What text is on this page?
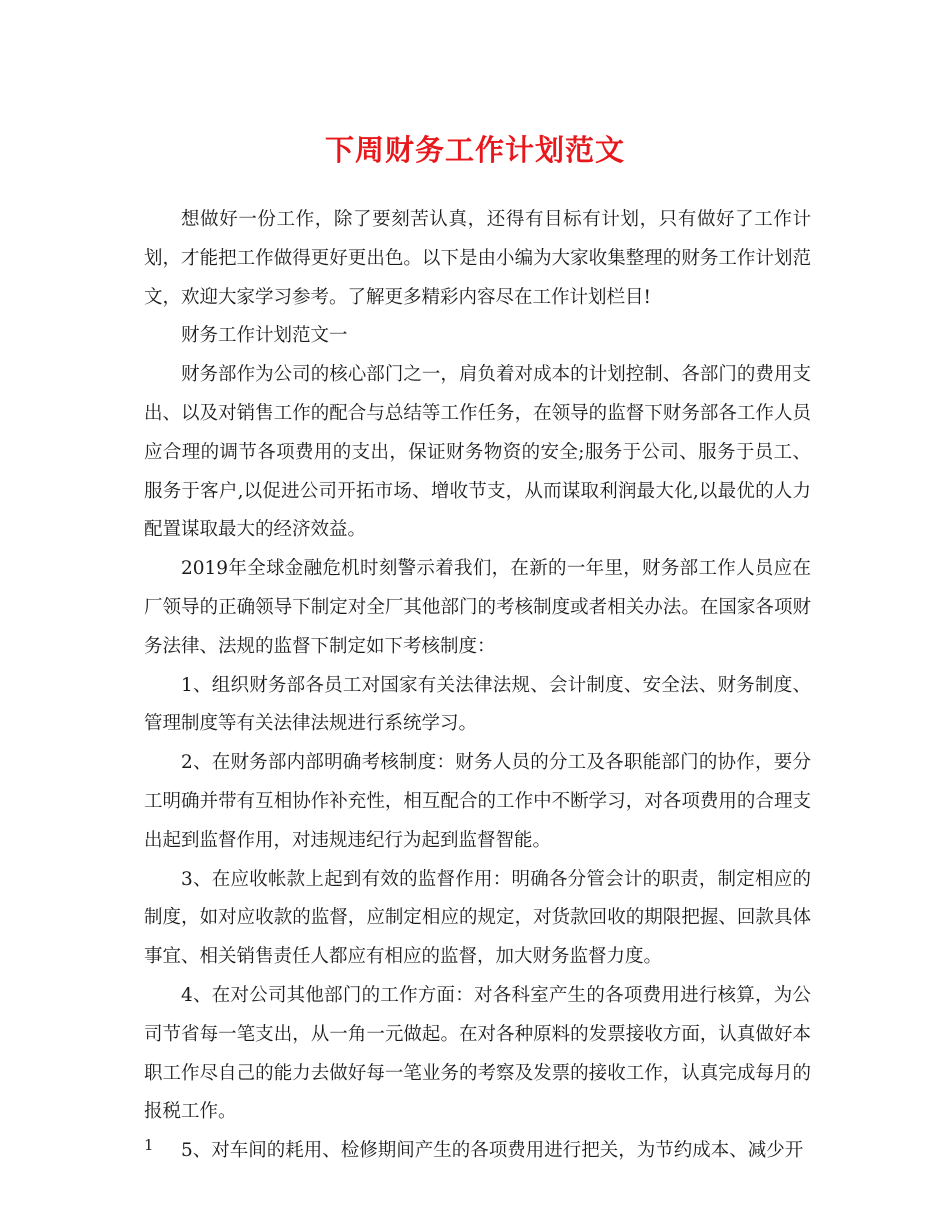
下周财务工作计划范文

想做好一份工作，除了要刻苦认真，还得有目标有计划，只有做好了工作计划，才能把工作做得更好更出色。以下是由小编为大家收集整理的财务工作计划范文，欢迎大家学习参考。了解更多精彩内容尽在工作计划栏目!

财务工作计划范文一

财务部作为公司的核心部门之一，肩负着对成本的计划控制、各部门的费用支出、以及对销售工作的配合与总结等工作任务，在领导的监督下财务部各工作人员应合理的调节各项费用的支出，保证财务物资的安全;服务于公司、服务于员工、服务于客户,以促进公司开拓市场、增收节支，从而谋取利润最大化,以最优的人力配置谋取最大的经济效益。

2019年全球金融危机时刻警示着我们，在新的一年里，财务部工作人员应在厂领导的正确领导下制定对全厂其他部门的考核制度或者相关办法。在国家各项财务法律、法规的监督下制定如下考核制度：

1、组织财务部各员工对国家有关法律法规、会计制度、安全法、财务制度、管理制度等有关法律法规进行系统学习。

2、在财务部内部明确考核制度：财务人员的分工及各职能部门的协作，要分工明确并带有互相协作补充性，相互配合的工作中不断学习，对各项费用的合理支出起到监督作用，对违规违纪行为起到监督智能。

3、在应收帐款上起到有效的监督作用：明确各分管会计的职责，制定相应的制度，如对应收款的监督，应制定相应的规定，对货款回收的期限把握、回款具体事宜、相关销售责任人都应有相应的监督，加大财务监督力度。

4、在对公司其他部门的工作方面：对各科室产生的各项费用进行核算，为公司节省每一笔支出，从一角一元做起。在对各种原料的发票接收方面，认真做好本职工作尽自己的能力去做好每一笔业务的考察及发票的接收工作，认真完成每月的报税工作。

5、对车间的耗用、检修期间产生的各项费用进行把关，为节约成本、减少开

1
